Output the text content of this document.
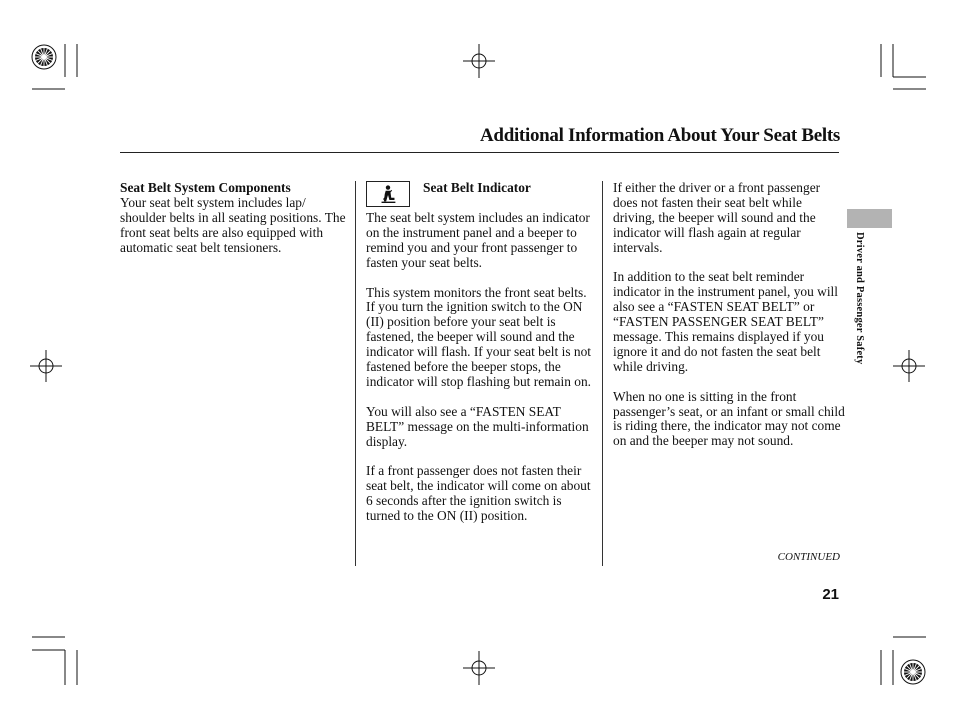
Additional Information About Your Seat Belts
Seat Belt System Components
Your seat belt system includes lap/ shoulder belts in all seating positions. The front seat belts are also equipped with automatic seat belt tensioners.
Seat Belt Indicator

The seat belt system includes an indicator on the instrument panel and a beeper to remind you and your front passenger to fasten your seat belts.

This system monitors the front seat belts. If you turn the ignition switch to the ON (II) position before your seat belt is fastened, the beeper will sound and the indicator will flash. If your seat belt is not fastened before the beeper stops, the indicator will stop flashing but remain on.

You will also see a “FASTEN SEAT BELT” message on the multi-information display.

If a front passenger does not fasten their seat belt, the indicator will come on about 6 seconds after the ignition switch is turned to the ON (II) position.

If either the driver or a front passenger does not fasten their seat belt while driving, the beeper will sound and the indicator will flash again at regular intervals.

In addition to the seat belt reminder indicator in the instrument panel, you will also see a “FASTEN SEAT BELT” or “FASTEN PASSENGER SEAT BELT” message. This remains displayed if you ignore it and do not fasten the seat belt while driving.

When no one is sitting in the front passenger’s seat, or an infant or small child is riding there, the indicator may not come on and the beeper may not sound.

Driver and Passenger Safety
CONTINUED
21
